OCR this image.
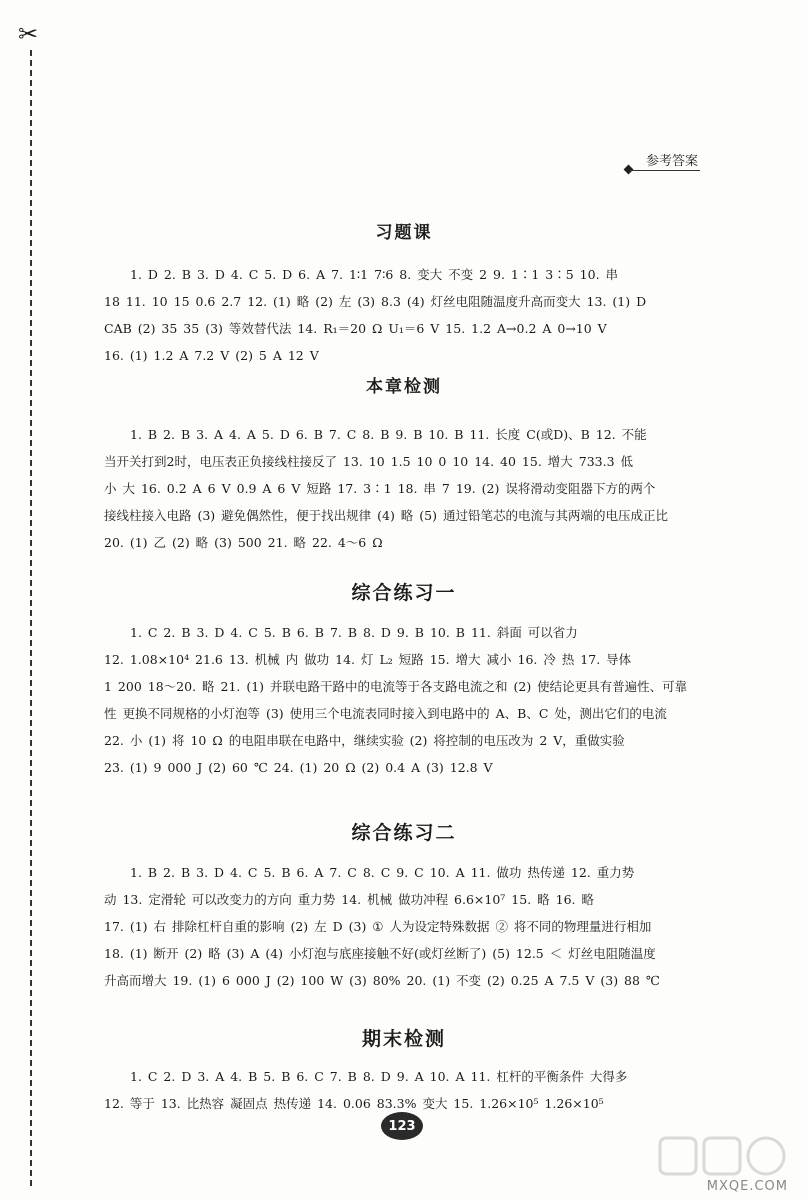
✂
参考答案
习题课
1. D 2. B 3. D 4. C 5. D 6. A 7. 1∶1 7∶6 8. 变大 不变 2 9. 1∶1 3∶5 10. 串
18 11. 10 15 0.6 2.7 12. (1) 略 (2) 左 (3) 8.3 (4) 灯丝电阻随温度升高而变大 13. (1) D
CAB (2) 35 35 (3) 等效替代法 14. R₁＝20 Ω U₁＝6 V 15. 1.2 A→0.2 A 0→10 V
16. (1) 1.2 A 7.2 V (2) 5 A 12 V
本章检测
1. B 2. B 3. A 4. A 5. D 6. B 7. C 8. B 9. B 10. B 11. 长度 C(或D)、B 12. 不能
当开关打到2时，电压表正负接线柱接反了 13. 10 1.5 10 0 10 14. 40 15. 增大 733.3 低
小 大 16. 0.2 A 6 V 0.9 A 6 V 短路 17. 3∶1 18. 串 7 19. (2) 误将滑动变阻器下方的两个
接线柱接入电路 (3) 避免偶然性，便于找出规律 (4) 略 (5) 通过铅笔芯的电流与其两端的电压成正比
20. (1) 乙 (2) 略 (3) 500 21. 略 22. 4～6 Ω
综合练习一
1. C 2. B 3. D 4. C 5. B 6. B 7. B 8. D 9. B 10. B 11. 斜面 可以省力
12. 1.08×10⁴ 21.6 13. 机械 内 做功 14. 灯 L₂ 短路 15. 增大 减小 16. 冷 热 17. 导体
1 200 18～20. 略 21. (1) 并联电路干路中的电流等于各支路电流之和 (2) 使结论更具有普遍性、可靠
性 更换不同规格的小灯泡等 (3) 使用三个电流表同时接入到电路中的 A、B、C 处，测出它们的电流
22. 小 (1) 将 10 Ω 的电阻串联在电路中，继续实验 (2) 将控制的电压改为 2 V，重做实验
23. (1) 9 000 J (2) 60 ℃ 24. (1) 20 Ω (2) 0.4 A (3) 12.8 V
综合练习二
1. B 2. B 3. D 4. C 5. B 6. A 7. C 8. C 9. C 10. A 11. 做功 热传递 12. 重力势
动 13. 定滑轮 可以改变力的方向 重力势 14. 机械 做功冲程 6.6×10⁷ 15. 略 16. 略
17. (1) 右 排除杠杆自重的影响 (2) 左 D (3) ① 人为设定特殊数据 ② 将不同的物理量进行相加
18. (1) 断开 (2) 略 (3) A (4) 小灯泡与底座接触不好(或灯丝断了) (5) 12.5 ＜ 灯丝电阻随温度
升高而增大 19. (1) 6 000 J (2) 100 W (3) 80% 20. (1) 不变 (2) 0.25 A 7.5 V (3) 88 ℃
期末检测
1. C 2. D 3. A 4. B 5. B 6. C 7. B 8. D 9. A 10. A 11. 杠杆的平衡条件 大得多
12. 等于 13. 比热容 凝固点 热传递 14. 0.06 83.3% 变大 15. 1.26×10⁵ 1.26×10⁵
123
MXQE.COM
